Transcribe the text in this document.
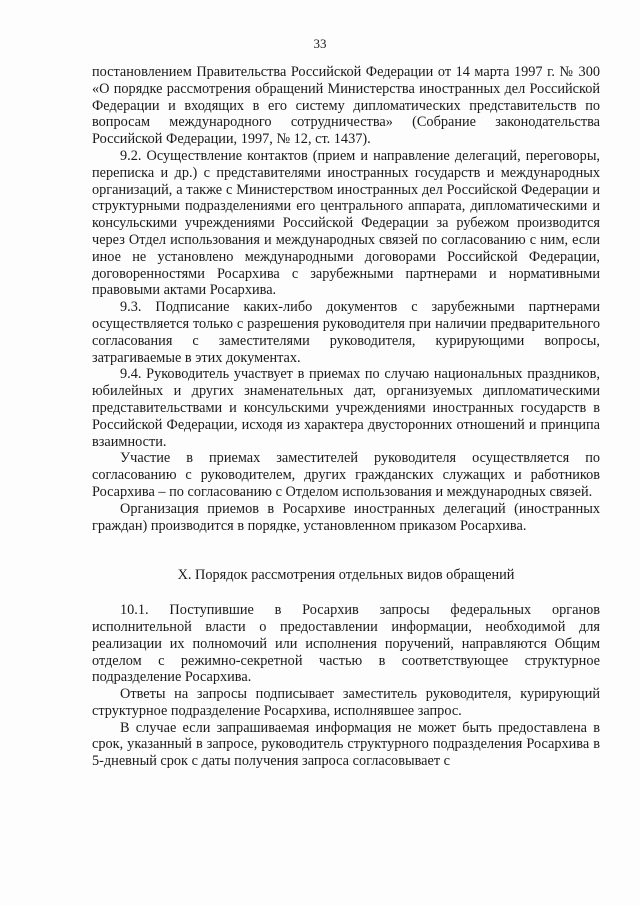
33

постановлением Правительства Российской Федерации от 14 марта 1997 г. № 300 «О порядке рассмотрения обращений Министерства иностранных дел Российской Федерации и входящих в его систему дипломатических представительств по вопросам международного сотрудничества» (Собрание законодательства Российской Федерации, 1997, № 12, ст. 1437).

9.2. Осуществление контактов (прием и направление делегаций, переговоры, переписка и др.) с представителями иностранных государств и международных организаций, а также с Министерством иностранных дел Российской Федерации и структурными подразделениями его центрального аппарата, дипломатическими и консульскими учреждениями Российской Федерации за рубежом производится через Отдел использования и международных связей по согласованию с ним, если иное не установлено международными договорами Российской Федерации, договоренностями Росархива с зарубежными партнерами и нормативными правовыми актами Росархива.

9.3. Подписание каких-либо документов с зарубежными партнерами осуществляется только с разрешения руководителя при наличии предварительного согласования с заместителями руководителя, курирующими вопросы, затрагиваемые в этих документах.

9.4. Руководитель участвует в приемах по случаю национальных праздников, юбилейных и других знаменательных дат, организуемых дипломатическими представительствами и консульскими учреждениями иностранных государств в Российской Федерации, исходя из характера двусторонних отношений и принципа взаимности.

Участие в приемах заместителей руководителя осуществляется по согласованию с руководителем, других гражданских служащих и работников Росархива – по согласованию с Отделом использования и международных связей.

Организация приемов в Росархиве иностранных делегаций (иностранных граждан) производится в порядке, установленном приказом Росархива.

X. Порядок рассмотрения отдельных видов обращений

10.1. Поступившие в Росархив запросы федеральных органов исполнительной власти о предоставлении информации, необходимой для реализации их полномочий или исполнения поручений, направляются Общим отделом с режимно-секретной частью в соответствующее структурное подразделение Росархива.

Ответы на запросы подписывает заместитель руководителя, курирующий структурное подразделение Росархива, исполнявшее запрос.

В случае если запрашиваемая информация не может быть предоставлена в срок, указанный в запросе, руководитель структурного подразделения Росархива в 5-дневный срок с даты получения запроса согласовывает с
